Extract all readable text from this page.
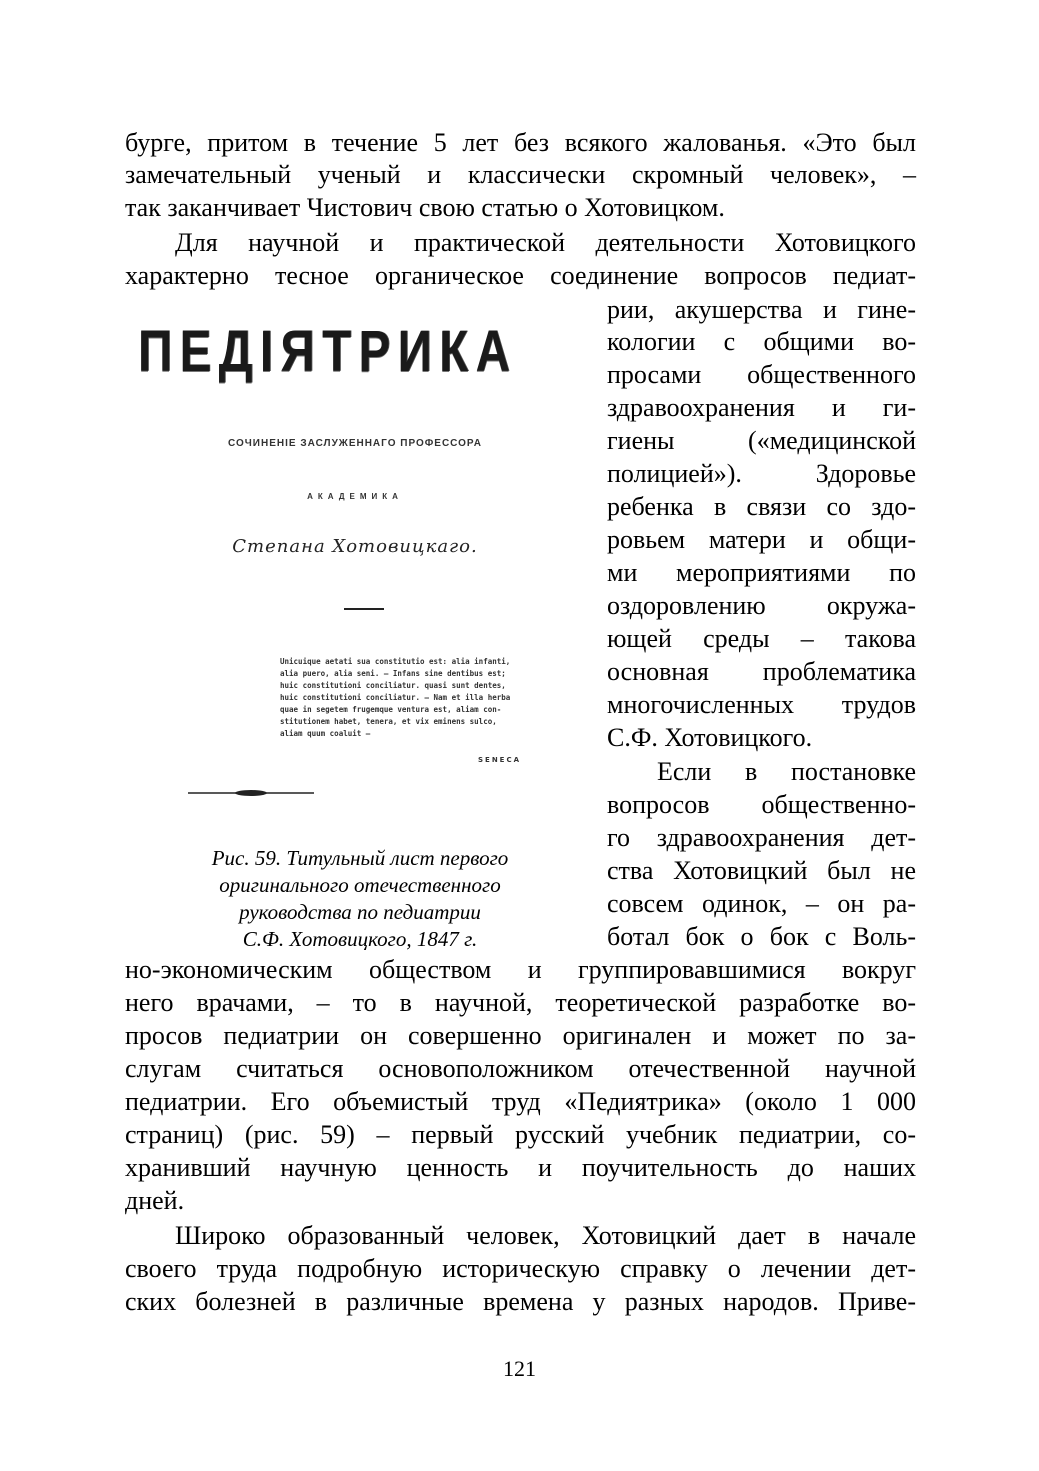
бурге, притом в течение 5 лет без всякого жалованья. «Это был
замечательный ученый и классически скромный человек», –
так заканчивает Чистович свою статью о Хотовицком.
Для научной и практической деятельности Хотовицкого
характерно тесное органическое соединение вопросов педиат-
рии, акушерства и гине-
кологии с общими во-
просами общественного
здравоохранения и ги-
гиены («медицинской
полицией»). Здоровье
ребенка в связи со здо-
ровьем матери и общи-
ми мероприятиями по
оздоровлению окружа-
ющей среды – такова
основная проблематика
многочисленных трудов
С.Ф. Хотовицкого.
Если в постановке
вопросов общественно-
го здравоохранения дет-
ства Хотовицкий был не
совсем одинок, – он ра-
ботал бок о бок с Воль-
ПЕДІЯТРИКА
СОЧИНЕНІЕ ЗАСЛУЖЕННАГО ПРОФЕССОРА
АКАДЕМИКА
Степана Хотовицкаго.
Unicuique aetati sua constitutio est: alia infanti,
alia puero, alia seni. — Infans sine dentibus est;
huic constitutioni conciliatur. quasi sunt dentes,
huic constitutioni conciliatur. — Nam et illa herba
quae in segetem frugemque ventura est, aliam con-
stitutionem habet, tenera, et vix eminens sulco,
aliam quum coaluit —
SENECA
Рис. 59. Титульный лист первого
оригинального отечественного
руководства по педиатрии
С.Ф. Хотовицкого, 1847 г.
но-экономическим обществом и группировавшимися вокруг
него врачами, – то в научной, теоретической разработке во-
просов педиатрии он совершенно оригинален и может по за-
слугам считаться основоположником отечественной научной
педиатрии. Его объемистый труд «Педиятрика» (около 1 000
страниц) (рис. 59) – первый русский учебник педиатрии, со-
хранивший научную ценность и поучительность до наших
дней.
Широко образованный человек, Хотовицкий дает в начале
своего труда подробную историческую справку о лечении дет-
ских болезней в различные времена у разных народов. Приве-
121
